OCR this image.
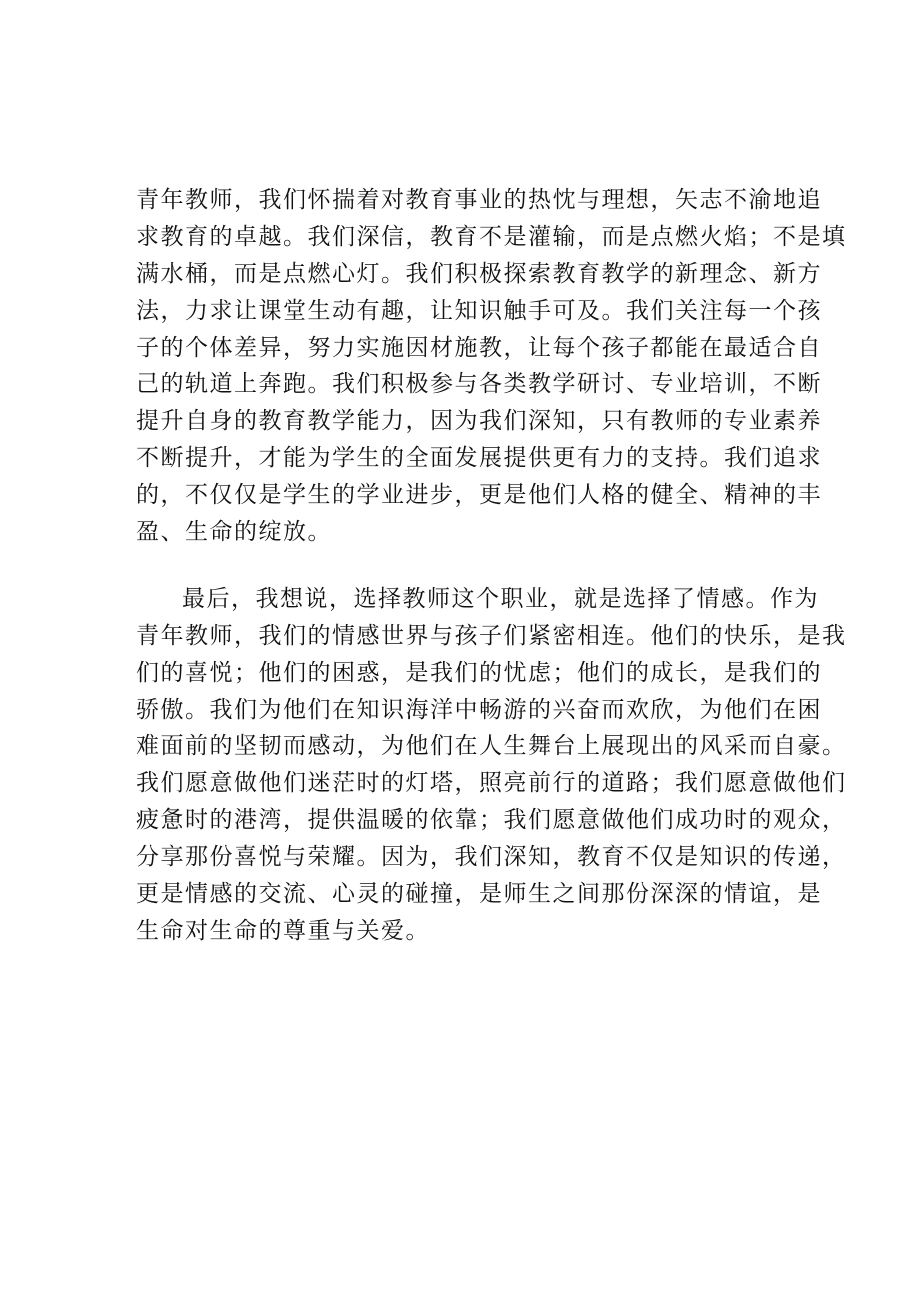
青年教师，我们怀揣着对教育事业的热忱与理想，矢志不渝地追
求教育的卓越。我们深信，教育不是灌输，而是点燃火焰；不是填
满水桶，而是点燃心灯。我们积极探索教育教学的新理念、新方
法，力求让课堂生动有趣，让知识触手可及。我们关注每一个孩
子的个体差异，努力实施因材施教，让每个孩子都能在最适合自
己的轨道上奔跑。我们积极参与各类教学研讨、专业培训，不断
提升自身的教育教学能力，因为我们深知，只有教师的专业素养
不断提升，才能为学生的全面发展提供更有力的支持。我们追求
的，不仅仅是学生的学业进步，更是他们人格的健全、精神的丰
盈、生命的绽放。
最后，我想说，选择教师这个职业，就是选择了情感。作为
青年教师，我们的情感世界与孩子们紧密相连。他们的快乐，是我
们的喜悦；他们的困惑，是我们的忧虑；他们的成长，是我们的
骄傲。我们为他们在知识海洋中畅游的兴奋而欢欣，为他们在困
难面前的坚韧而感动，为他们在人生舞台上展现出的风采而自豪。
我们愿意做他们迷茫时的灯塔，照亮前行的道路；我们愿意做他们
疲惫时的港湾，提供温暖的依靠；我们愿意做他们成功时的观众，
分享那份喜悦与荣耀。因为，我们深知，教育不仅是知识的传递，
更是情感的交流、心灵的碰撞，是师生之间那份深深的情谊，是
生命对生命的尊重与关爱。
